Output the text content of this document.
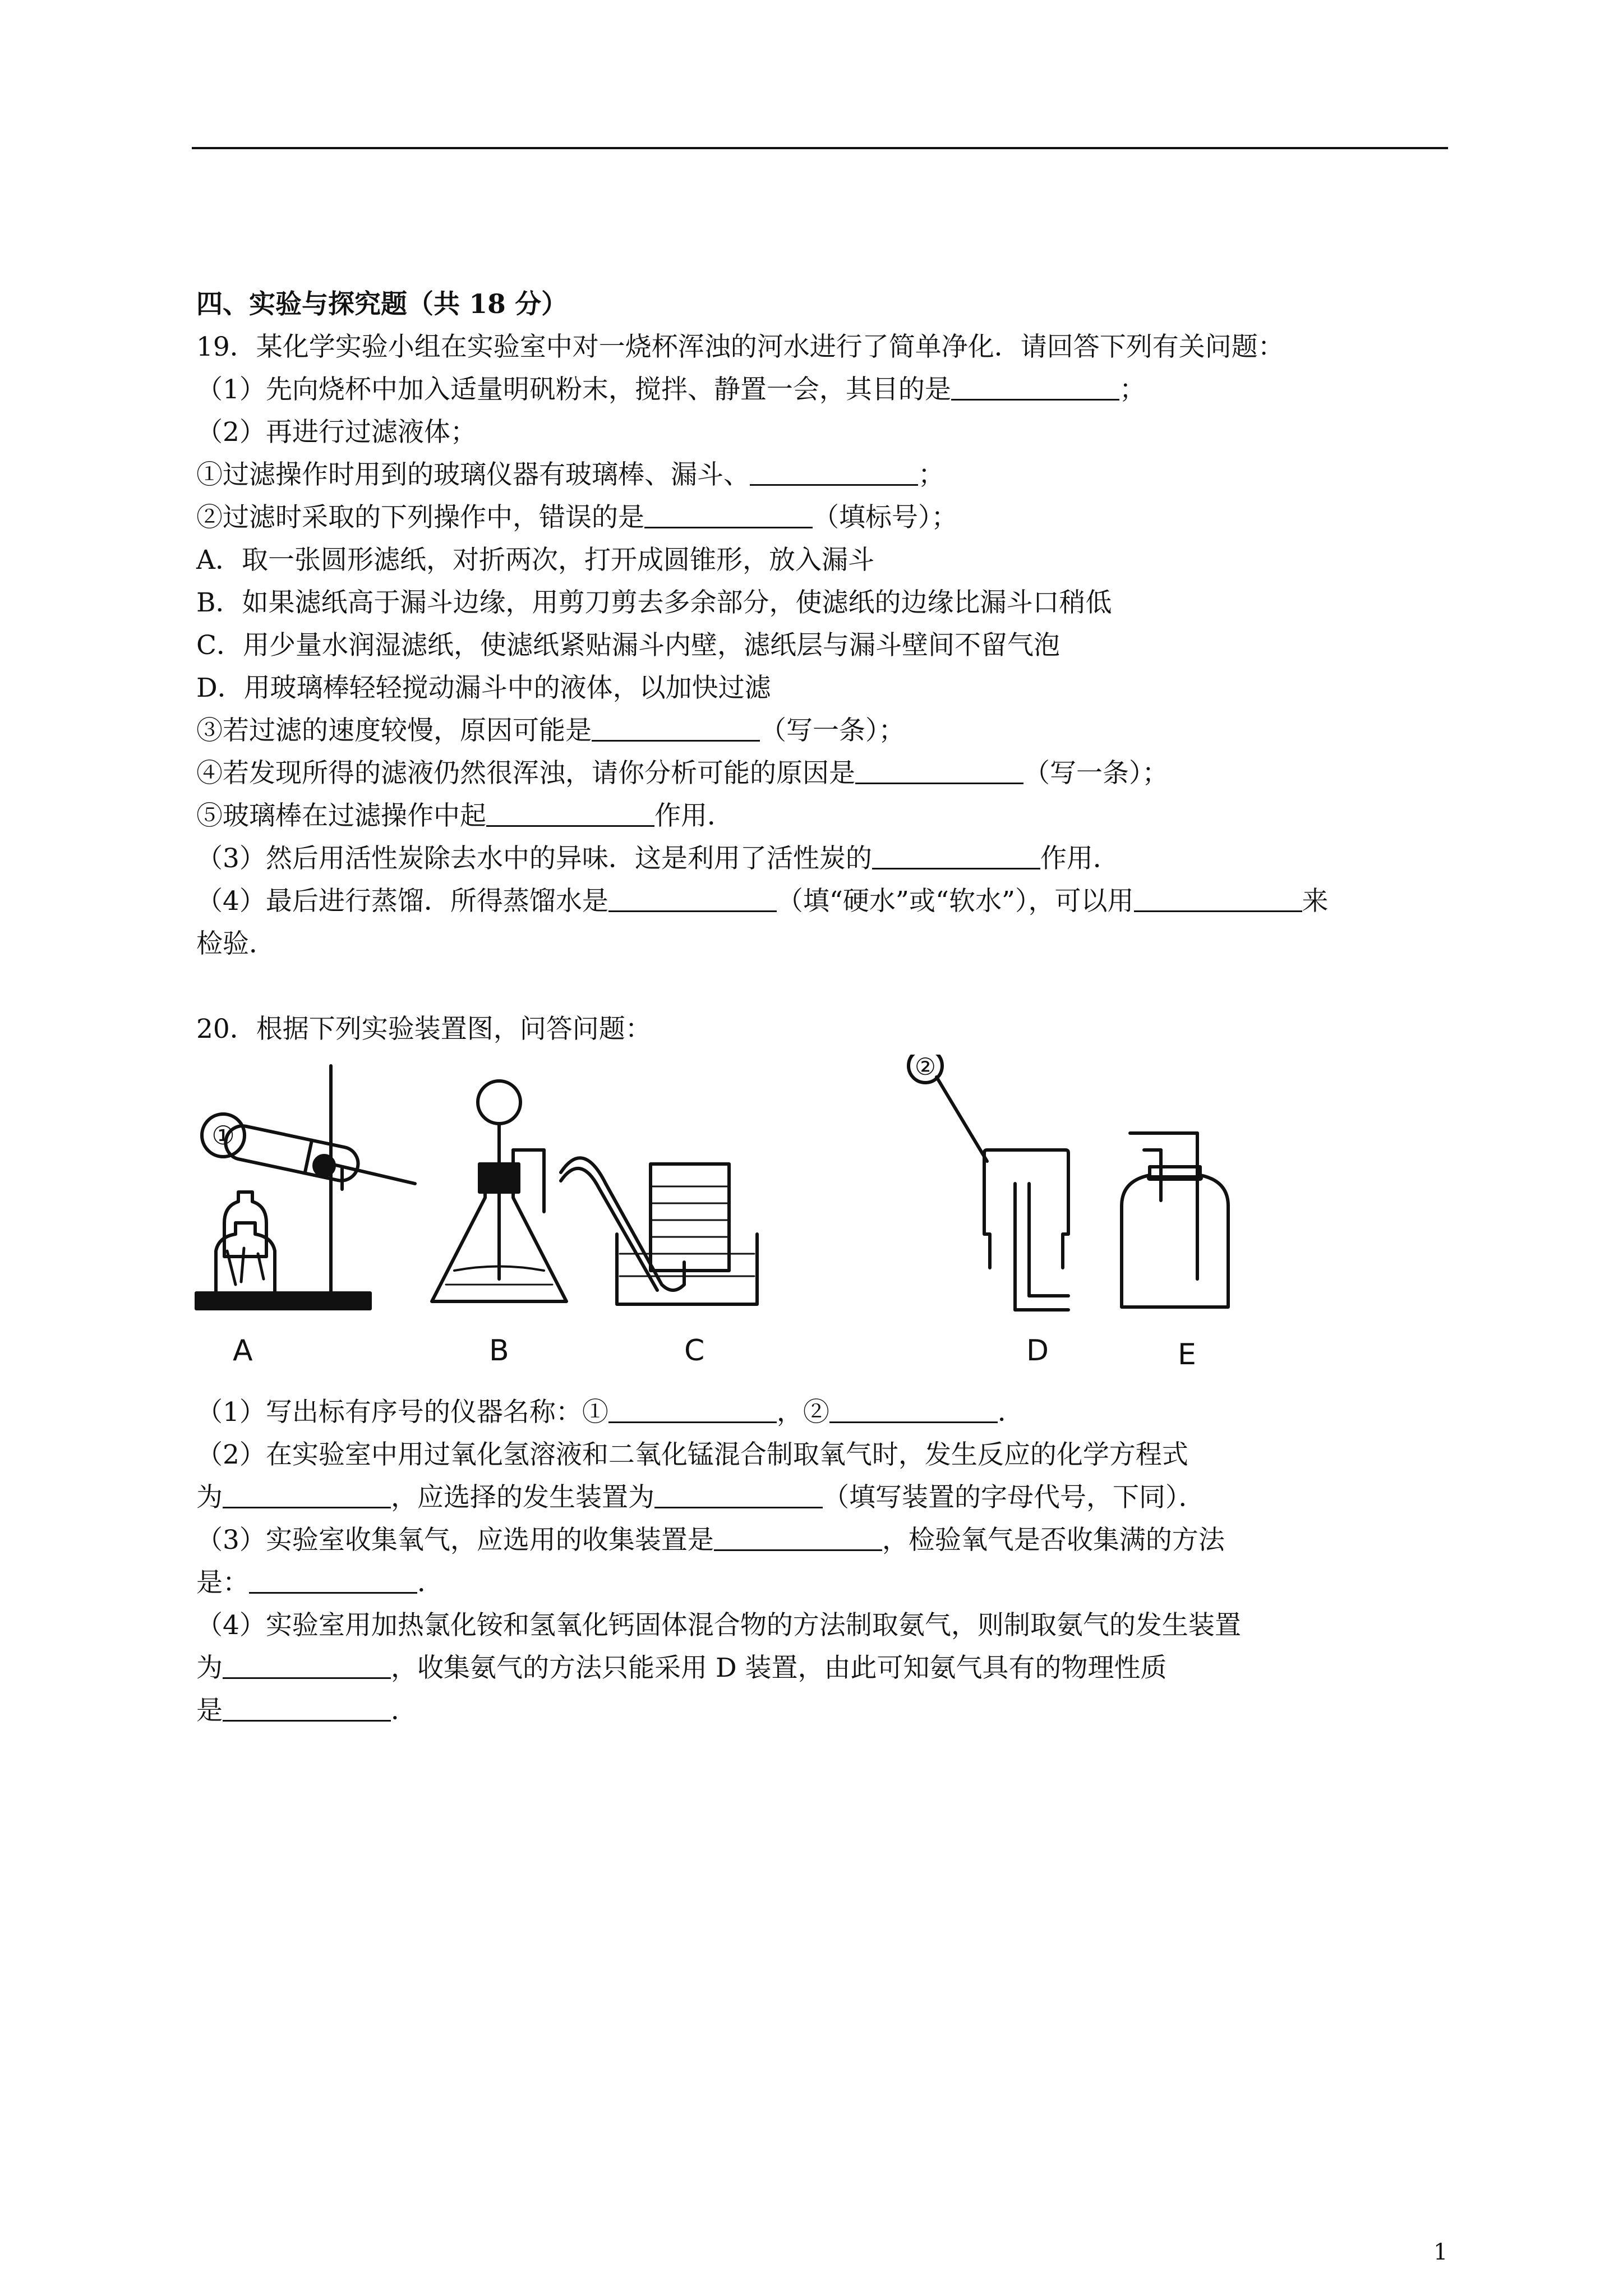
四、实验与探究题（共 18 分）
19．某化学实验小组在实验室中对一烧杯浑浊的河水进行了简单净化．请回答下列有关问题：
（1）先向烧杯中加入适量明矾粉末，搅拌、静置一会，其目的是	；
（2）再进行过滤液体；
①过滤操作时用到的玻璃仪器有玻璃棒、漏斗、	；
②过滤时采取的下列操作中，错误的是	（填标号）；
A．取一张圆形滤纸，对折两次，打开成圆锥形，放入漏斗
B．如果滤纸高于漏斗边缘，用剪刀剪去多余部分，使滤纸的边缘比漏斗口稍低
C．用少量水润湿滤纸，使滤纸紧贴漏斗内壁，滤纸层与漏斗壁间不留气泡
D．用玻璃棒轻轻搅动漏斗中的液体，以加快过滤
③若过滤的速度较慢，原因可能是	（写一条）；
④若发现所得的滤液仍然很浑浊，请你分析可能的原因是	（写一条）；
⑤玻璃棒在过滤操作中起	作用．
（3）然后用活性炭除去水中的异味．这是利用了活性炭的	作用．
（4）最后进行蒸馏．所得蒸馏水是	（填“硬水”或“软水”），可以用	来
检验．
20．根据下列实验装置图，问答问题：
①
A	B	C
②
D	E
（1）写出标有序号的仪器名称：①	，②	．
（2）在实验室中用过氧化氢溶液和二氧化锰混合制取氧气时，发生反应的化学方程式
为	，应选择的发生装置为	（填写装置的字母代号，下同）．
（3）实验室收集氧气，应选用的收集装置是	，检验氧气是否收集满的方法
是：	．
（4）实验室用加热氯化铵和氢氧化钙固体混合物的方法制取氨气，则制取氨气的发生装置
为	，收集氨气的方法只能采用 D 装置，由此可知氨气具有的物理性质
是	．
1
